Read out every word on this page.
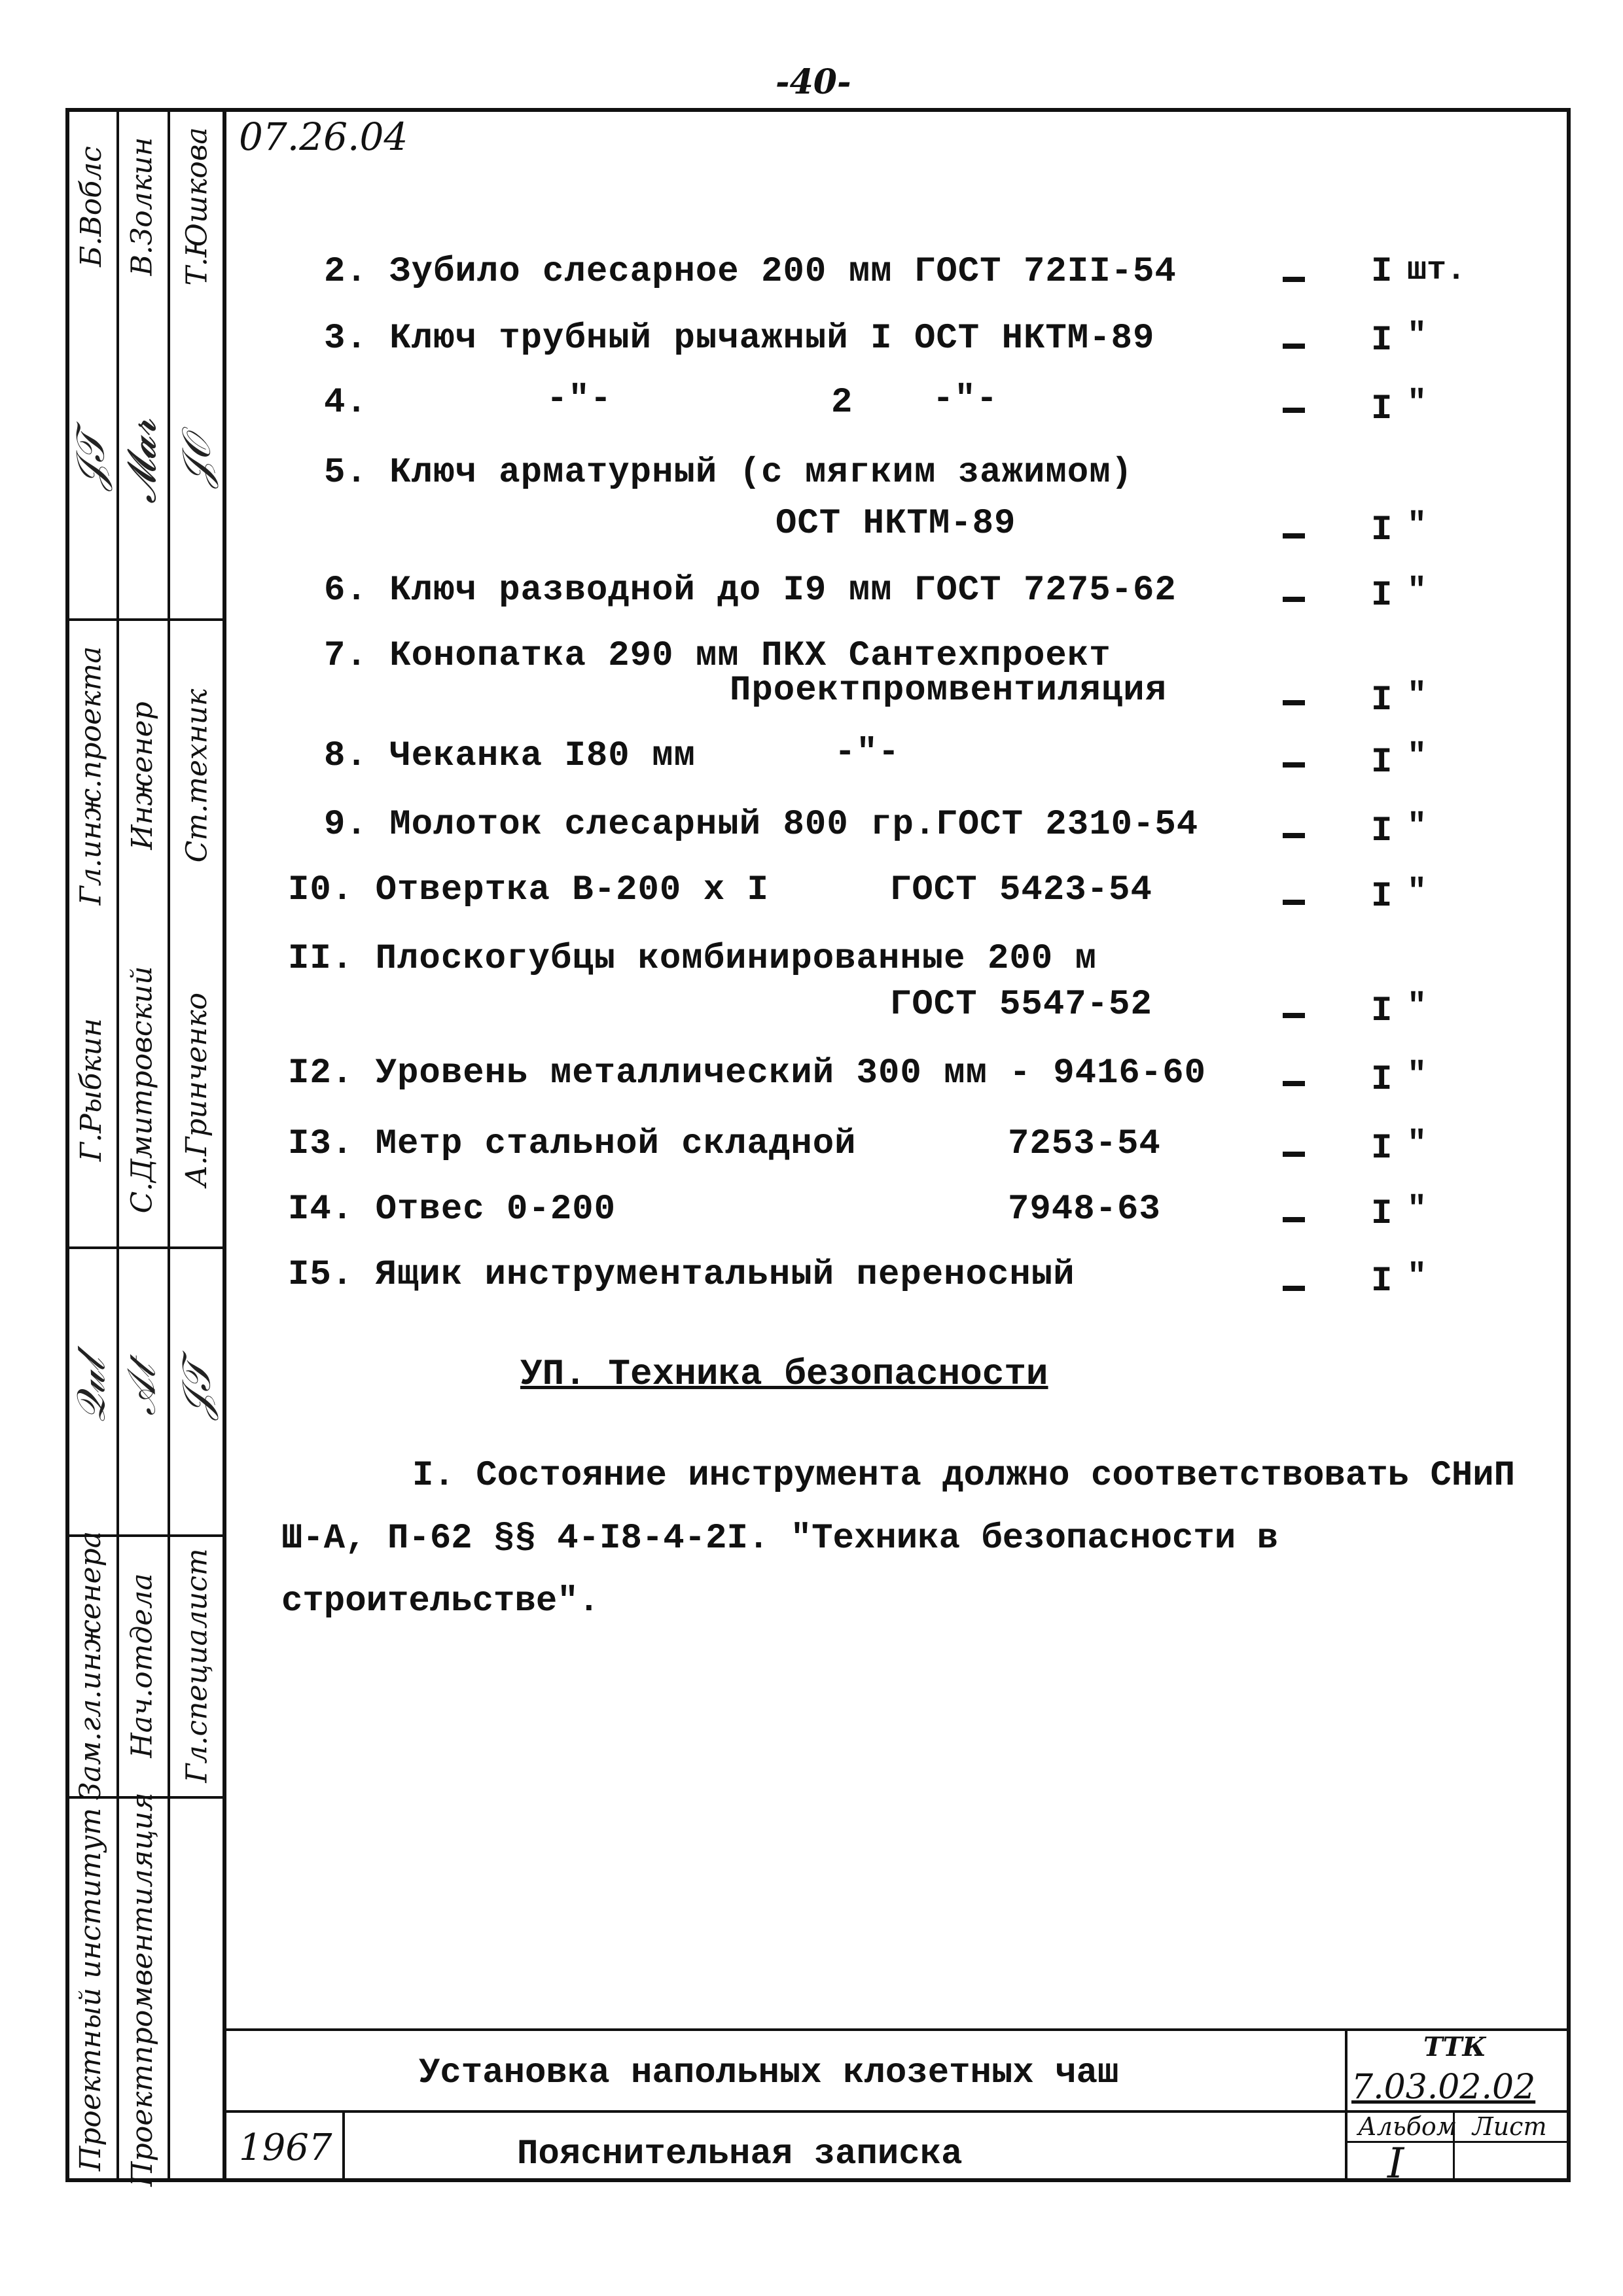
-40-
Б.Воблс В.Золкин Т.Юшкова
𝒥𝒯 𝓜𝓪𝓻 𝒥𝒪
Гл.инж.проекта Инженер Ст.техник
Г.Рыбкин С.Дмитровский А.Гринченко
𝒬𝓊𝓁 𝒜𝓉 𝒥𝒯
Зам.гл.инженера Нач.отдела Гл.специалист
Проектный институт Проектпромвентиляция
07.26.04
2. Зубило слесарное 200 мм ГОСТ 72II-54	I шт.
3. Ключ трубный рычажный I ОСТ НКТМ-89	I "
4.	-"-	2 -"-	I "
5. Ключ арматурный (с мягким зажимом)
ОСТ НКТМ-89	I "
6. Ключ разводной до I9 мм ГОСТ 7275-62	I "
7. Конопатка 290 мм ПКХ Сантехпроект
Проектпромвентиляция	I "
8. Чеканка I80 мм	-"-	I "
9. Молоток слесарный 800 гр.ГОСТ 2310-54	I "
I0. Отвертка В-200 х I	ГОСТ 5423-54	I "
II. Плоскогубцы комбинированные 200 м
ГОСТ 5547-52	I "
I2. Уровень металлический 300 мм - 9416-60	I "
I3. Метр стальной складной	7253-54	I "
I4. Отвес 0-200	7948-63	I "
I5. Ящик инструментальный переносный	I "
УП. Техника безопасности
I. Состояние инструмента должно соответствовать СНиП Ш-А, П-62 §§ 4-I8-4-2I. "Техника безопасности в строительстве".
Установка напольных клозетных чаш
Пояснительная записка
1967
ТТК
7.03.02.02
Альбом Лист
I
